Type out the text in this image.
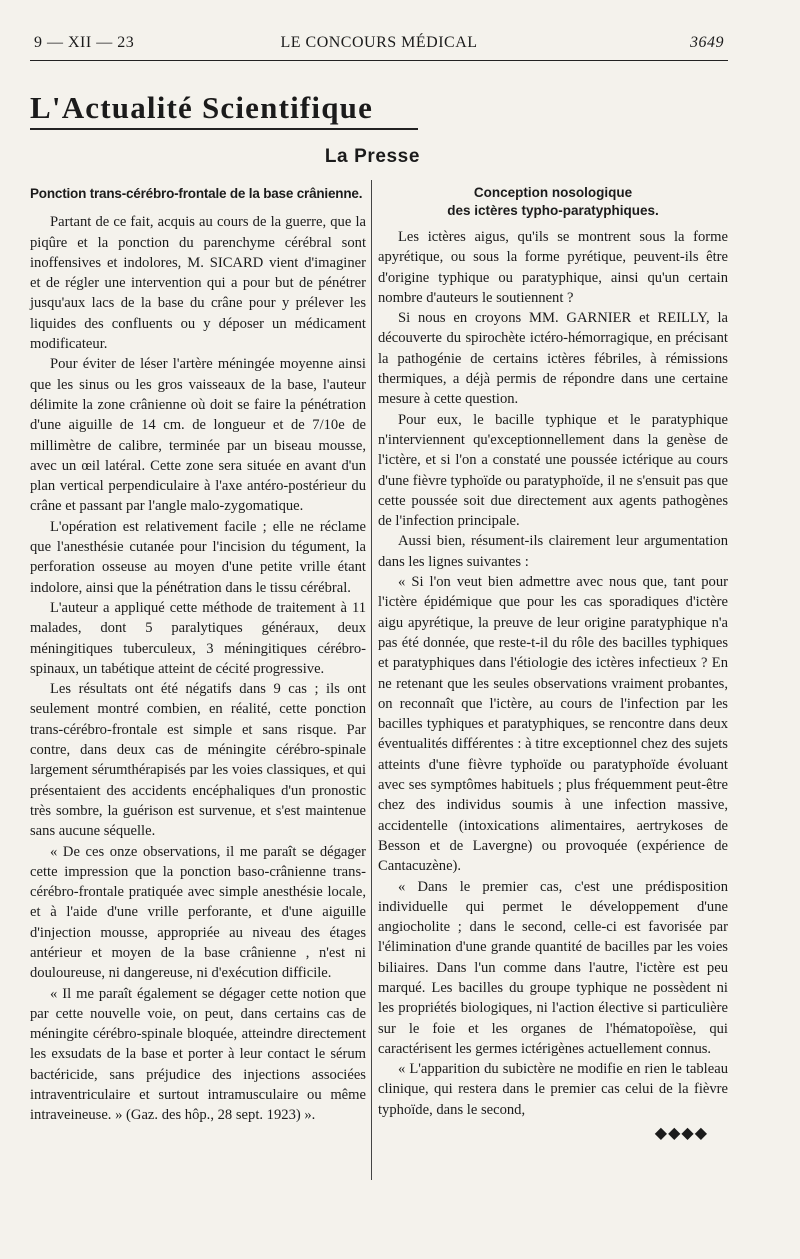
9 — XII — 23	LE CONCOURS MÉDICAL	3649
L'Actualité Scientifique
La Presse
Ponction trans-cérébro-frontale de la base crânienne.

Partant de ce fait, acquis au cours de la guerre, que la piqûre et la ponction du parenchyme cérébral sont inoffensives et indolores, M. SICARD vient d'imaginer et de régler une intervention qui a pour but de pénétrer jusqu'aux lacs de la base du crâne pour y prélever les liquides des confluents ou y déposer un médicament modificateur.

Pour éviter de léser l'artère méningée moyenne ainsi que les sinus ou les gros vaisseaux de la base, l'auteur délimite la zone crânienne où doit se faire la pénétration d'une aiguille de 14 cm. de longueur et de 7/10e de millimètre de calibre, terminée par un biseau mousse, avec un œil latéral. Cette zone sera située en avant d'un plan vertical perpendiculaire à l'axe antéro-postérieur du crâne et passant par l'angle malo-zygomatique.

L'opération est relativement facile ; elle ne réclame que l'anesthésie cutanée pour l'incision du tégument, la perforation osseuse au moyen d'une petite vrille étant indolore, ainsi que la pénétration dans le tissu cérébral.

L'auteur a appliqué cette méthode de traitement à 11 malades, dont 5 paralytiques généraux, deux méningitiques tuberculeux, 3 méningitiques cérébro-spinaux, un tabétique atteint de cécité progressive.

Les résultats ont été négatifs dans 9 cas ; ils ont seulement montré combien, en réalité, cette ponction trans-cérébro-frontale est simple et sans risque. Par contre, dans deux cas de méningite cérébro-spinale largement sérumthérapisés par les voies classiques, et qui présentaient des accidents encéphaliques d'un pronostic très sombre, la guérison est survenue, et s'est maintenue sans aucune séquelle.

« De ces onze observations, il me paraît se dégager cette impression que la ponction baso-crânienne trans-cérébro-frontale pratiquée avec simple anesthésie locale, et à l'aide d'une vrille perforante, et d'une aiguille d'injection mousse, appropriée au niveau des étages antérieur et moyen de la base crânienne , n'est ni douloureuse, ni dangereuse, ni d'exécution difficile.

« Il me paraît également se dégager cette notion que par cette nouvelle voie, on peut, dans certains cas de méningite cérébro-spinale bloquée, atteindre directement les exsudats de la base et porter à leur contact le sérum bactéricide, sans préjudice des injections associées intraventriculaire et surtout intramusculaire ou même intraveineuse. » (Gaz. des hôp., 28 sept. 1923) ».

Conception nosologique
des ictères typho-paratyphiques.

Les ictères aigus, qu'ils se montrent sous la forme apyrétique, ou sous la forme pyrétique, peuvent-ils être d'origine typhique ou paratyphique, ainsi qu'un certain nombre d'auteurs le soutiennent ?

Si nous en croyons MM. GARNIER et REILLY, la découverte du spirochète ictéro-hémorragique, en précisant la pathogénie de certains ictères fébriles, à rémissions thermiques, a déjà permis de répondre dans une certaine mesure à cette question.

Pour eux, le bacille typhique et le paratyphique n'interviennent qu'exceptionnellement dans la genèse de l'ictère, et si l'on a constaté une poussée ictérique au cours d'une fièvre typhoïde ou paratyphoïde, il ne s'ensuit pas que cette poussée soit due directement aux agents pathogènes de l'infection principale.

Aussi bien, résument-ils clairement leur argumentation dans les lignes suivantes :

« Si l'on veut bien admettre avec nous que, tant pour l'ictère épidémique que pour les cas sporadiques d'ictère aigu apyrétique, la preuve de leur origine paratyphique n'a pas été donnée, que reste-t-il du rôle des bacilles typhiques et paratyphiques dans l'étiologie des ictères infectieux ? En ne retenant que les seules observations vraiment probantes, on reconnaît que l'ictère, au cours de l'infection par les bacilles typhiques et paratyphiques, se rencontre dans deux éventualités différentes : à titre exceptionnel chez des sujets atteints d'une fièvre typhoïde ou paratyphoïde évoluant avec ses symptômes habituels ; plus fréquemment peut-être chez des individus soumis à une infection massive, accidentelle (intoxications alimentaires, aertrykoses de Besson et de Lavergne) ou provoquée (expérience de Cantacuzène).

« Dans le premier cas, c'est une prédisposition individuelle qui permet le développement d'une angiocholite ; dans le second, celle-ci est favorisée par l'élimination d'une grande quantité de bacilles par les voies biliaires. Dans l'un comme dans l'autre, l'ictère est peu marqué. Les bacilles du groupe typhique ne possèdent ni les propriétés biologiques, ni l'action élective si particulière sur le foie et les organes de l'hématopoïèse, qui caractérisent les germes ictérigènes actuellement connus.

« L'apparition du subictère ne modifie en rien le tableau clinique, qui restera dans le premier cas celui de la fièvre typhoïde, dans le second,

◆◆◆◆
